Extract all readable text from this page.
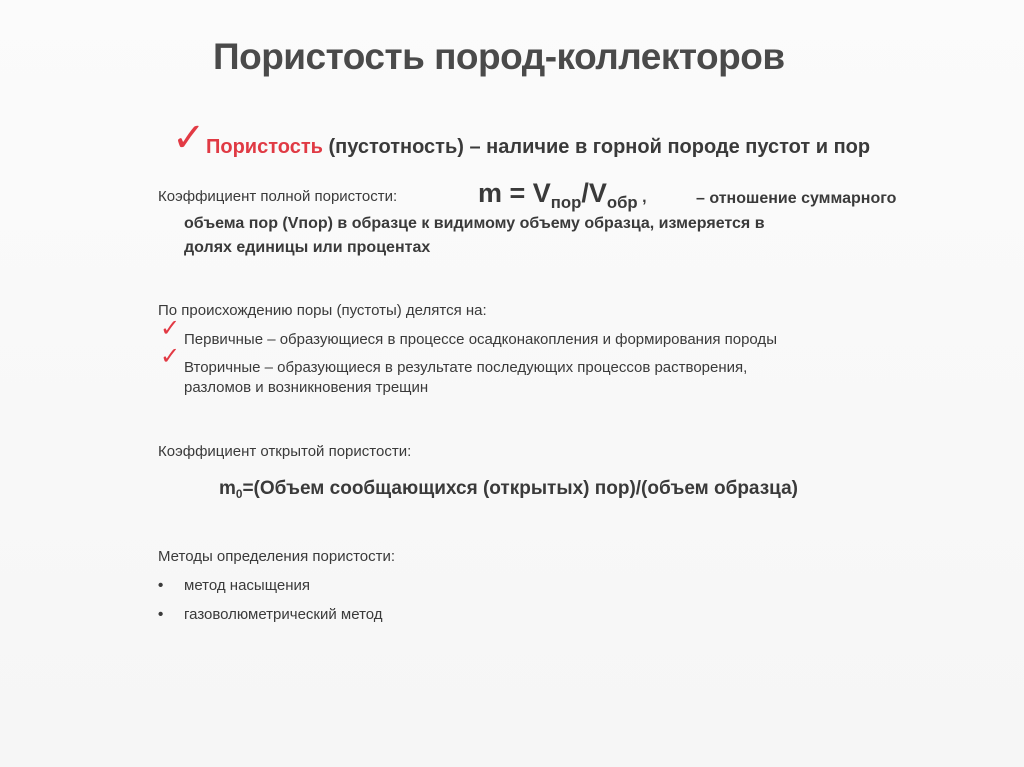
Пористость пород-коллекторов
✓ Пористость (пустотность) – наличие в горной породе пустот и пор
Коэффициент полной пористости:	$m = V_{пор}/V_{обр}$ ,	– отношение суммарного
объема пор (Vпор) в образце к видимому объему образца, измеряется в
долях единицы или процентах
По происхождению поры (пустоты) делятся на:
✓ Первичные – образующиеся в процессе осадконакопления и формирования породы
✓ Вторичные – образующиеся в результате последующих процессов растворения,
разломов и возникновения трещин
Коэффициент открытой пористости:
$m_0=(Объем$ сообщающихся (открытых) пор)/(объем образца)
Методы определения пористости:
• метод насыщения
• газоволюметрический метод
